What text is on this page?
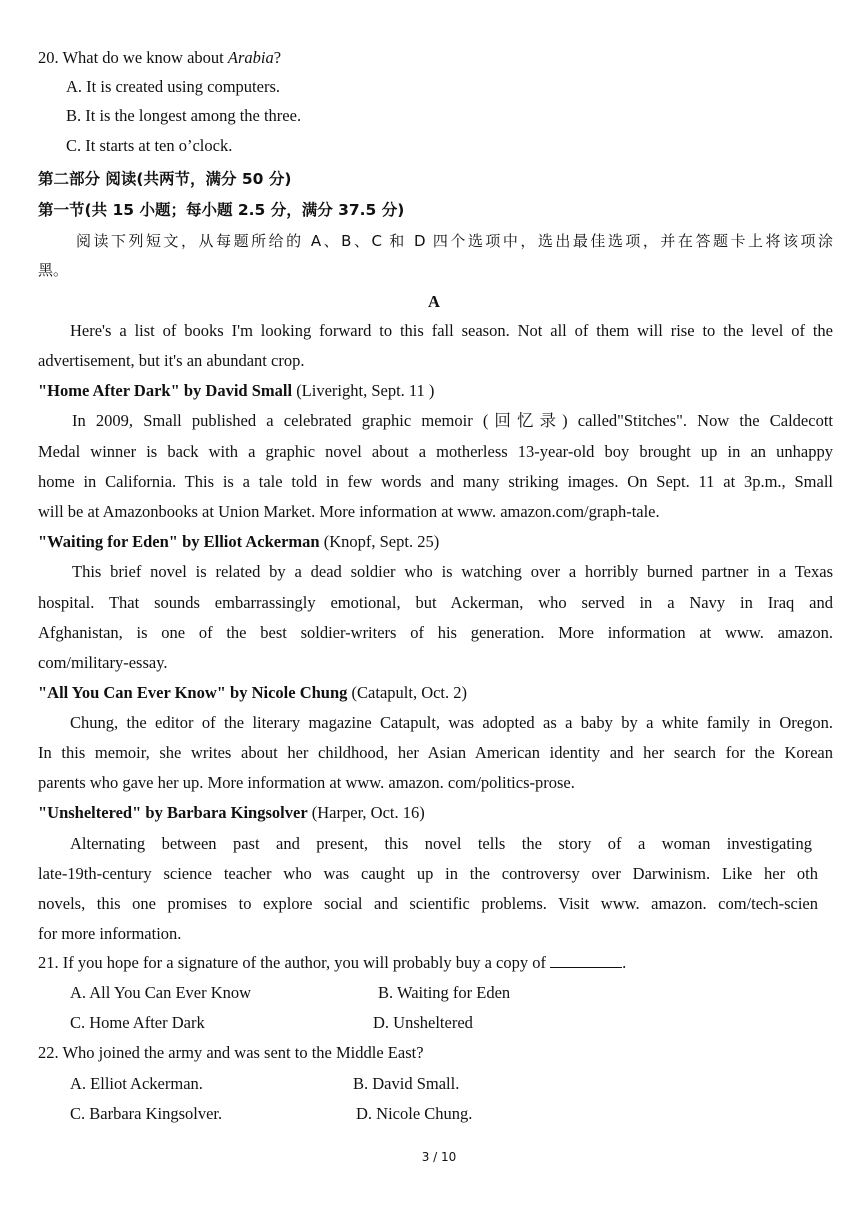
20. What do we know about Arabia?
A. It is created using computers.
B. It is the longest among the three.
C. It starts at ten o’clock.
第二部分 阅读(共两节，满分 50 分)
第一节(共 15 小题；每小题 2.5 分，满分 37.5 分)
阅读下列短文，从每题所给的 A、B、C 和 D 四个选项中，选出最佳选项，并在答题卡上将该项涂
黑。
A
Here's a list of books I'm looking forward to this fall season. Not all of them will rise to the level of the
advertisement, but it's an abundant crop.
"Home After Dark" by David Small (Liveright, Sept. 11 )
In 2009, Small published a celebrated graphic memoir (回忆录) called"Stitches". Now the Caldecott
Medal winner is back with a graphic novel about a motherless 13-year-old boy brought up in an unhappy
home in California. This is a tale told in few words and many striking images. On Sept. 11 at 3p.m., Small
will be at Amazonbooks at Union Market. More information at www. amazon.com/graph-tale.
"Waiting for Eden" by Elliot Ackerman (Knopf, Sept. 25)
This brief novel is related by a dead soldier who is watching over a horribly burned partner in a Texas
hospital. That sounds embarrassingly emotional, but Ackerman, who served in a Navy in Iraq and
Afghanistan, is one of the best soldier-writers of his generation. More information at www. amazon.
com/military-essay.
"All You Can Ever Know" by Nicole Chung (Catapult, Oct. 2)
Chung, the editor of the literary magazine Catapult, was adopted as a baby by a white family in Oregon.
In this memoir, she writes about her childhood, her Asian American identity and her search for the Korean
parents who gave her up. More information at www. amazon. com/politics-prose.
"Unsheltered" by Barbara Kingsolver (Harper, Oct. 16)
Alternating between past and present, this novel tells the story of a woman investigating
late-19th-century science teacher who was caught up in the controversy over Darwinism. Like her oth
novels, this one promises to explore social and scientific problems. Visit www. amazon. com/tech-scien
for more information.
21. If you hope for a signature of the author, you will probably buy a copy of	.
A. All You Can Ever Know	B. Waiting for Eden
C. Home After Dark	D. Unsheltered
22. Who joined the army and was sent to the Middle East?
A. Elliot Ackerman.	B. David Small.
C. Barbara Kingsolver.	D. Nicole Chung.
3 / 10
